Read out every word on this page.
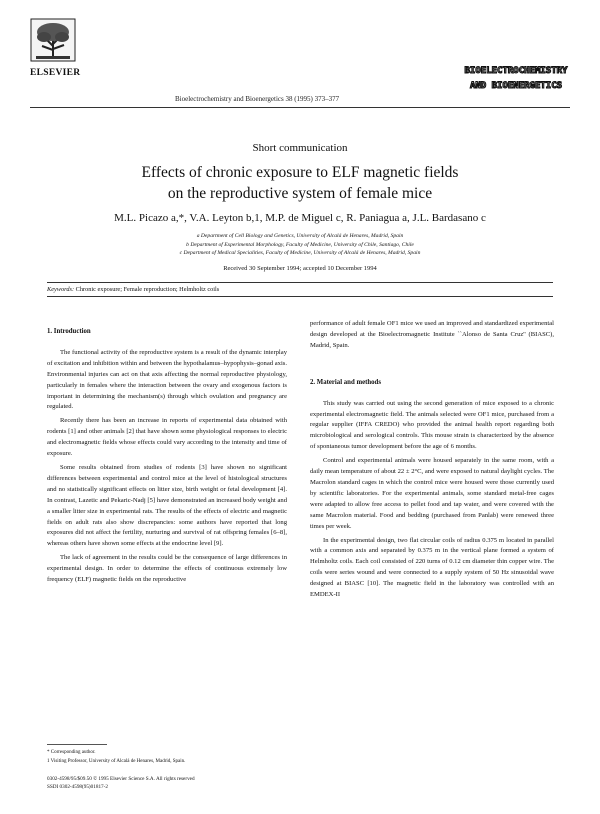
ELSEVIER
Bioelectrochemistry and Bioenergetics 38 (1995) 373–377
BIOELECTROCHEMISTRY
AND BIOENERGETICS
Short communication
Effects of chronic exposure to ELF magnetic fields
on the reproductive system of female mice
M.L. Picazo a,*, V.A. Leyton b,1, M.P. de Miguel c, R. Paniagua a, J.L. Bardasano c
a Department of Cell Biology and Genetics, University of Alcalá de Henares, Madrid, Spain
b Department of Experimental Morphology, Faculty of Medicine, University of Chile, Santiago, Chile
c Department of Medical Specialities, Faculty of Medicine, University of Alcalá de Henares, Madrid, Spain
Received 30 September 1994; accepted 10 December 1994
Keywords: Chronic exposure; Female reproduction; Helmholtz coils
1. Introduction

The functional activity of the reproductive system is a result of the dynamic interplay of excitation and inhibition within and between the hypothalamus–hypophysis–gonad axis. Environmental injuries can act on that axis affecting the normal reproductive physiology, particularly in females where the interaction between the ovary and exogenous factors is important in determining the mechanism(s) through which ovulation and pregnancy are regulated.

Recently there has been an increase in reports of experimental data obtained with rodents [1] and other animals [2] that have shown some physiological responses to electric and electromagnetic fields whose effects could vary according to the intensity and time of exposure.

Some results obtained from studies of rodents [3] have shown no significant differences between experimental and control mice at the level of histological structures and no statistically significant effects on litter size, birth weight or fetal development [4]. In contrast, Lazetic and Pekaric-Nadj [5] have demonstrated an increased body weight and a smaller litter size in experimental rats. The results of the effects of electric and magnetic fields on adult rats also show discrepancies: some authors have reported that long exposures did not affect the fertility, nurturing and survival of rat offspring females [6–8], whereas others have shown some effects at the endocrine level [9].

The lack of agreement in the results could be the consequence of large differences in experimental design. In order to determine the effects of continuous extremely low frequency (ELF) magnetic fields on the reproductive

performance of adult female OF1 mice we used an improved and standardized experimental design developed at the Bioelectromagnetic Institute ``Alonso de Santa Cruz'' (BIASC), Madrid, Spain.

2. Material and methods

This study was carried out using the second generation of mice exposed to a chronic experimental electromagnetic field. The animals selected were OF1 mice, purchased from a regular supplier (IFFA CREDO) who provided the animal health report regarding both microbiological and serological controls. This mouse strain is characterized by the absence of spontaneous tumor development before the age of 6 months.

Control and experimental animals were housed separately in the same room, with a daily mean temperature of about 22 ± 2°C, and were exposed to natural daylight cycles. The Macrolon standard cages in which the control mice were housed were those currently used by scientific laboratories. For the experimental animals, some standard metal-free cages were adapted to allow free access to pellet food and tap water, and were covered with the same Macrolon material. Food and bedding (purchased from Panlab) were renewed three times per week.

In the experimental design, two flat circular coils of radius 0.375 m located in parallel with a common axis and separated by 0.375 m in the vertical plane formed a system of Helmholtz coils. Each coil consisted of 220 turns of 0.12 cm diameter thin copper wire. The coils were series wound and were connected to a supply system of 50 Hz sinusoidal wave designed at BIASC [10]. The magnetic field in the laboratory was controlled with an EMDEX-II

* Corresponding author.

1 Visiting Professor, University of Alcalá de Henares, Madrid, Spain.

0302-4598/95/$09.50 © 1995 Elsevier Science S.A. All rights reserved
SSDI 0302-4598(95)01817-2
